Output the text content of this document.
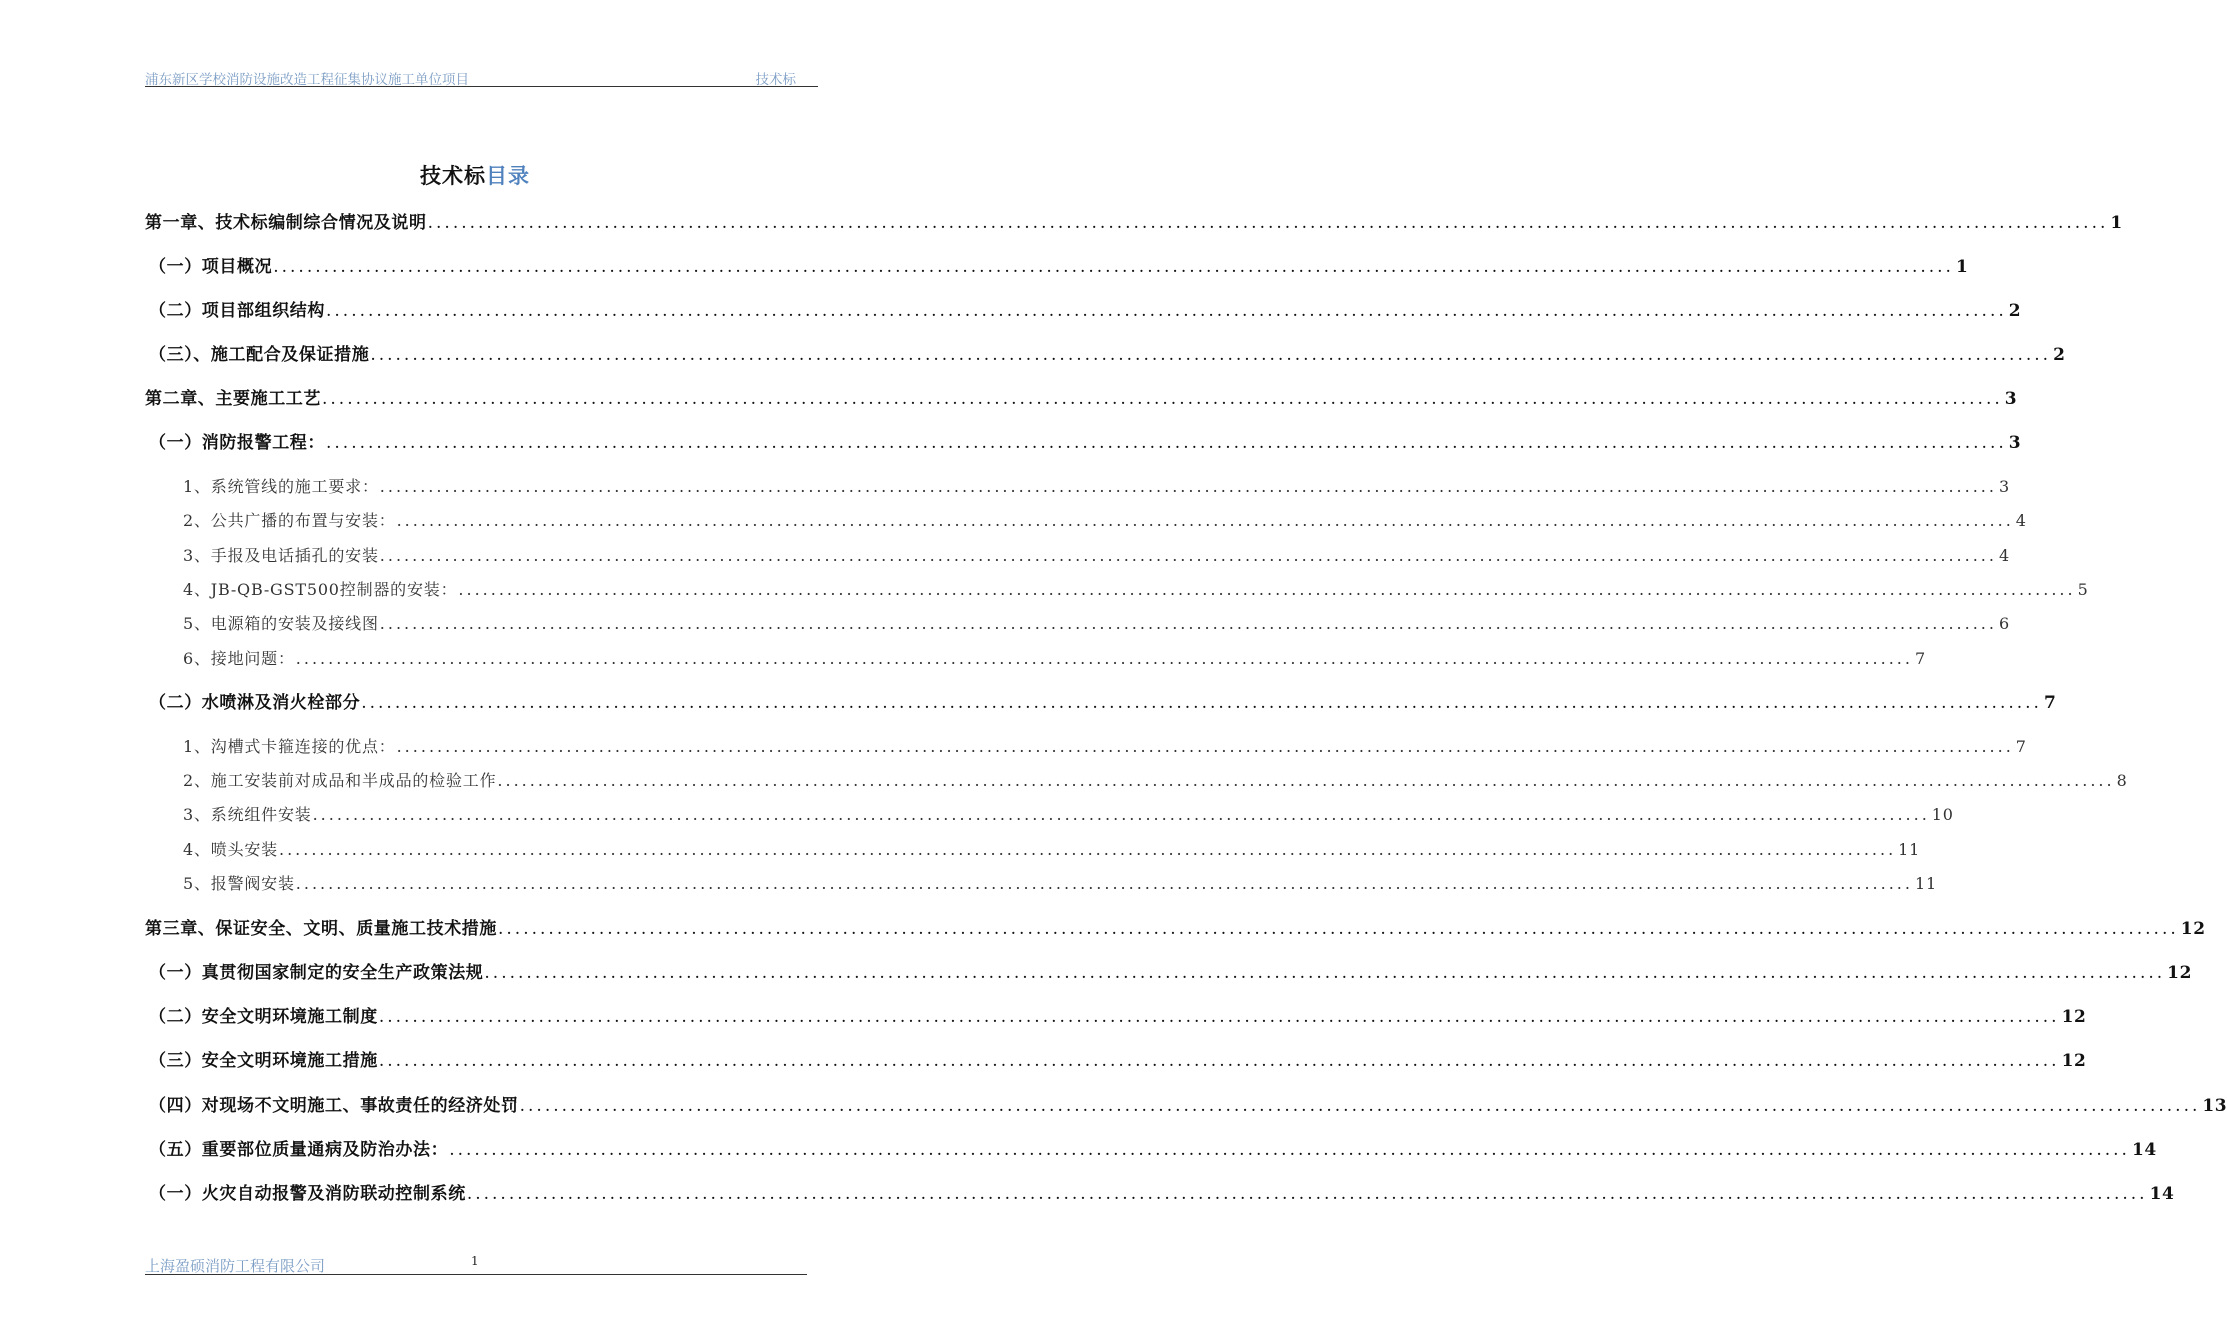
浦东新区学校消防设施改造工程征集协议施工单位项目	技术标
技术标目录
第一章、技术标编制综合情况及说明 ........................................................................................................................................................................................................ 1
（一）项目概况 ........................................................................................................................................................................................................ 1
（二）项目部组织结构 ........................................................................................................................................................................................................ 2
（三）、施工配合及保证措施 ........................................................................................................................................................................................................ 2
第二章、主要施工工艺 ........................................................................................................................................................................................................ 3
（一）消防报警工程： ........................................................................................................................................................................................................ 3
1、系统管线的施工要求： ........................................................................................................................................................................................................ 3
2、公共广播的布置与安装： ........................................................................................................................................................................................................ 4
3、手报及电话插孔的安装 ........................................................................................................................................................................................................ 4
4、JB-QB-GST500控制器的安装： ........................................................................................................................................................................................................ 5
5、电源箱的安装及接线图 ........................................................................................................................................................................................................ 6
6、接地问题： ........................................................................................................................................................................................................ 7
（二）水喷淋及消火栓部分 ........................................................................................................................................................................................................ 7
1、沟槽式卡箍连接的优点： ........................................................................................................................................................................................................ 7
2、施工安装前对成品和半成品的检验工作 ........................................................................................................................................................................................................ 8
3、系统组件安装 ........................................................................................................................................................................................................ 10
4、喷头安装 ........................................................................................................................................................................................................ 11
5、报警阀安装 ........................................................................................................................................................................................................ 11
第三章、保证安全、文明、质量施工技术措施 ........................................................................................................................................................................................................ 12
（一）真贯彻国家制定的安全生产政策法规 ........................................................................................................................................................................................................ 12
（二）安全文明环境施工制度 ........................................................................................................................................................................................................ 12
（三）安全文明环境施工措施 ........................................................................................................................................................................................................ 12
（四）对现场不文明施工、事故责任的经济处罚 ........................................................................................................................................................................................................ 13
（五）重要部位质量通病及防治办法： ........................................................................................................................................................................................................ 14
（一）火灾自动报警及消防联动控制系统 ........................................................................................................................................................................................................ 14
上海盈硕消防工程有限公司	1
